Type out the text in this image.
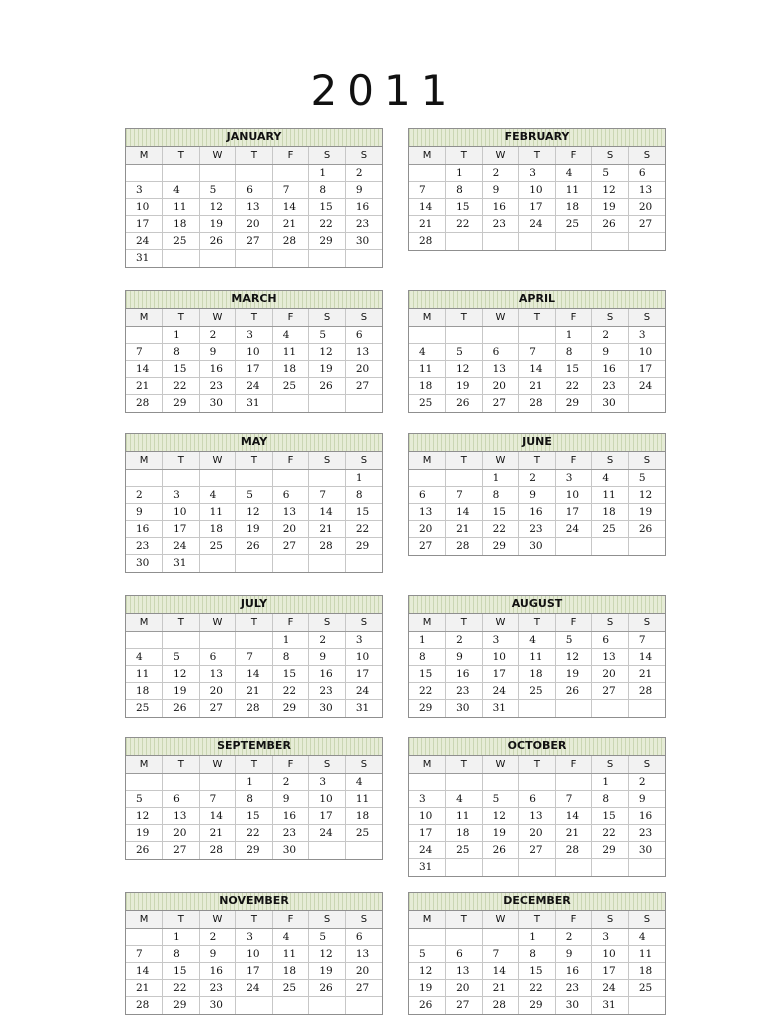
2011
JANUARY
M	T	W	T	F	S	S
					1	2
3	4	5	6	7	8	9
10	11	12	13	14	15	16
17	18	19	20	21	22	23
24	25	26	27	28	29	30
31						
FEBRUARY
M	T	W	T	F	S	S
	1	2	3	4	5	6
7	8	9	10	11	12	13
14	15	16	17	18	19	20
21	22	23	24	25	26	27
28						
MARCH
M	T	W	T	F	S	S
	1	2	3	4	5	6
7	8	9	10	11	12	13
14	15	16	17	18	19	20
21	22	23	24	25	26	27
28	29	30	31			
APRIL
M	T	W	T	F	S	S
				1	2	3
4	5	6	7	8	9	10
11	12	13	14	15	16	17
18	19	20	21	22	23	24
25	26	27	28	29	30	
MAY
M	T	W	T	F	S	S
						1
2	3	4	5	6	7	8
9	10	11	12	13	14	15
16	17	18	19	20	21	22
23	24	25	26	27	28	29
30	31					
JUNE
M	T	W	T	F	S	S
		1	2	3	4	5
6	7	8	9	10	11	12
13	14	15	16	17	18	19
20	21	22	23	24	25	26
27	28	29	30			
JULY
M	T	W	T	F	S	S
				1	2	3
4	5	6	7	8	9	10
11	12	13	14	15	16	17
18	19	20	21	22	23	24
25	26	27	28	29	30	31
AUGUST
M	T	W	T	F	S	S
1	2	3	4	5	6	7
8	9	10	11	12	13	14
15	16	17	18	19	20	21
22	23	24	25	26	27	28
29	30	31				
SEPTEMBER
M	T	W	T	F	S	S
			1	2	3	4
5	6	7	8	9	10	11
12	13	14	15	16	17	18
19	20	21	22	23	24	25
26	27	28	29	30		
OCTOBER
M	T	W	T	F	S	S
					1	2
3	4	5	6	7	8	9
10	11	12	13	14	15	16
17	18	19	20	21	22	23
24	25	26	27	28	29	30
31						
NOVEMBER
M	T	W	T	F	S	S
	1	2	3	4	5	6
7	8	9	10	11	12	13
14	15	16	17	18	19	20
21	22	23	24	25	26	27
28	29	30				
DECEMBER
M	T	W	T	F	S	S
			1	2	3	4
5	6	7	8	9	10	11
12	13	14	15	16	17	18
19	20	21	22	23	24	25
26	27	28	29	30	31	
